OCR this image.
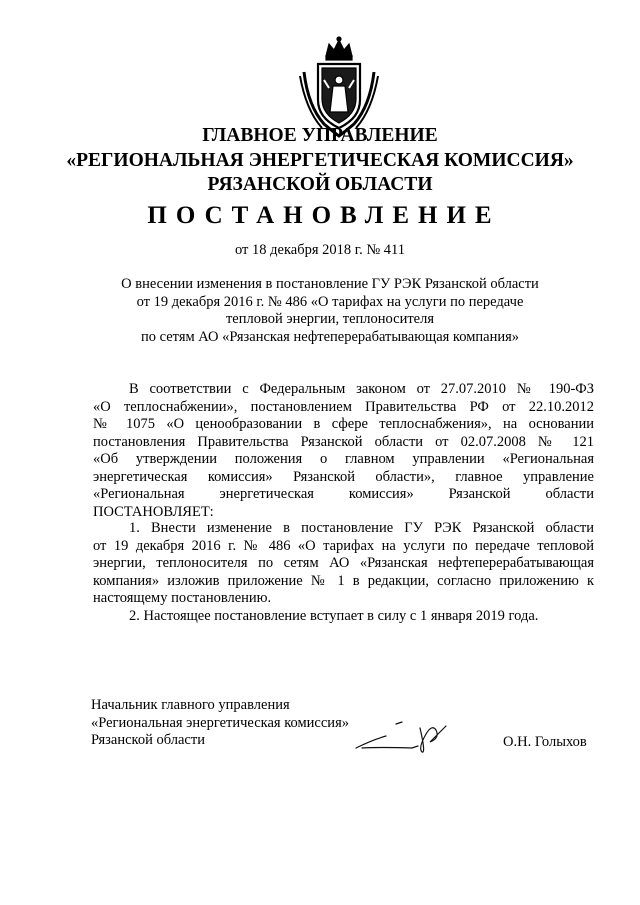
ГЛАВНОЕ УПРАВЛЕНИЕ
«РЕГИОНАЛЬНАЯ ЭНЕРГЕТИЧЕСКАЯ КОМИССИЯ»
РЯЗАНСКОЙ ОБЛАСТИ
ПОСТАНОВЛЕНИЕ
от 18 декабря 2018 г. № 411
О внесении изменения в постановление ГУ РЭК Рязанской области
от 19 декабря 2016 г. № 486 «О тарифах на услуги по передаче
тепловой энергии, теплоносителя
по сетям АО «Рязанская нефтеперерабатывающая компания»
В соответствии с Федеральным законом от 27.07.2010 № 190-ФЗ
«О теплоснабжении», постановлением Правительства РФ от 22.10.2012
№ 1075 «О ценообразовании в сфере теплоснабжения», на основании
постановления Правительства Рязанской области от 02.07.2008 № 121
«Об утверждении положения о главном управлении «Региональная
энергетическая комиссия» Рязанской области», главное управление
«Региональная энергетическая комиссия» Рязанской области
ПОСТАНОВЛЯЕТ:
1. Внести изменение в постановление ГУ РЭК Рязанской области
от 19 декабря 2016 г. № 486 «О тарифах на услуги по передаче тепловой
энергии, теплоносителя по сетям АО «Рязанская нефтеперерабатывающая
компания» изложив приложение № 1 в редакции, согласно приложению к
настоящему постановлению.
2. Настоящее постановление вступает в силу с 1 января 2019 года.
Начальник главного управления
«Региональная энергетическая комиссия»
Рязанской области	О.Н. Голыхов
